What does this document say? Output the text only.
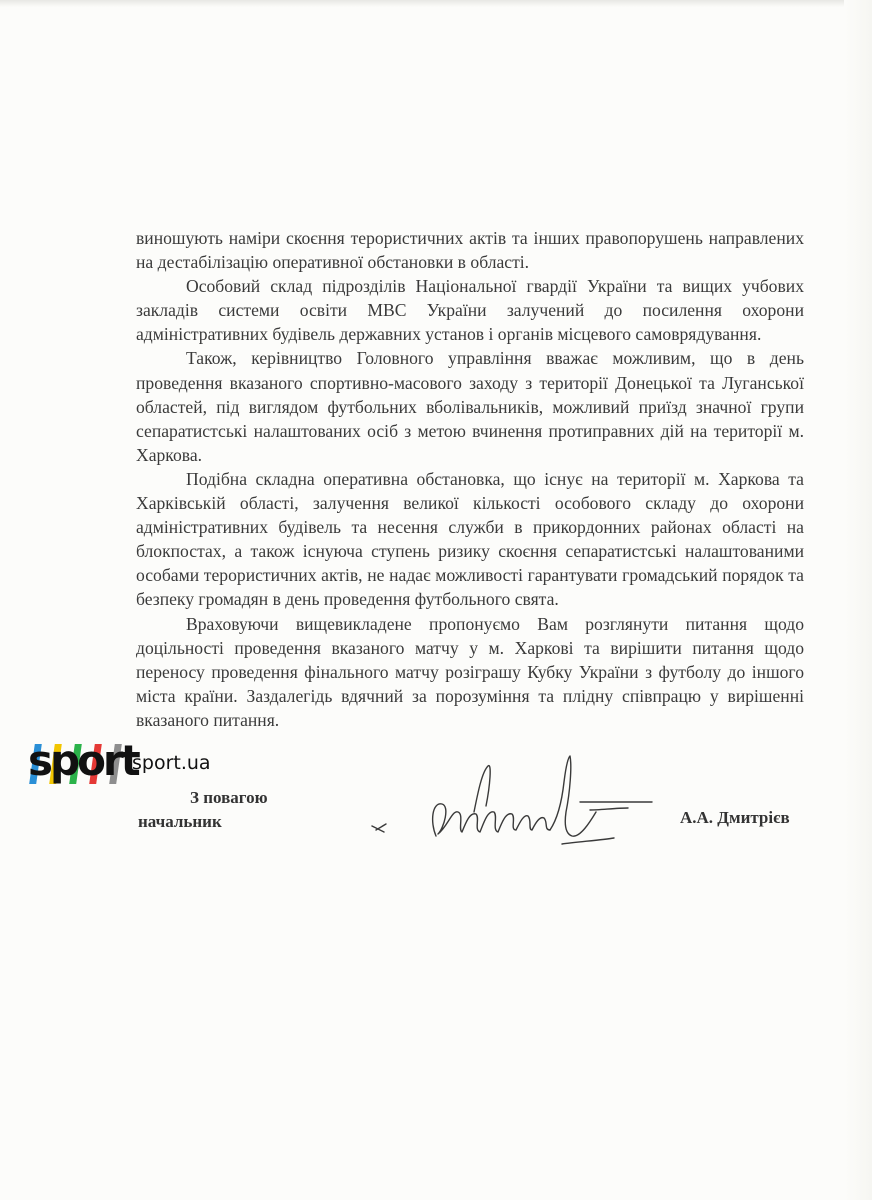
виношують наміри скоєння терористичних актів та інших правопорушень направлених на дестабілізацію оперативної обстановки в області.

Особовий склад підрозділів Національної гвардії України та вищих учбових закладів системи освіти МВС України залучений до посилення охорони адміністративних будівель державних установ і органів місцевого самоврядування.

Також, керівництво Головного управління вважає можливим, що в день проведення вказаного спортивно-масового заходу з території Донецької та Луганської областей, під виглядом футбольних вболівальників, можливий приїзд значної групи сепаратистські налаштованих осіб з метою вчинення протиправних дій на території м. Харкова.

Подібна складна оперативна обстановка, що існує на території м. Харкова та Харківській області, залучення великої кількості особового складу до охорони адміністративних будівель та несення служби в прикордонних районах області на блокпостах, а також існуюча ступень ризику скоєння сепаратистські налаштованими особами терористичних актів, не надає можливості гарантувати громадський порядок та безпеку громадян в день проведення футбольного свята.

Враховуючи вищевикладене пропонуємо Вам розглянути питання щодо доцільності проведення вказаного матчу у м. Харкові та вирішити питання щодо переносу проведення фінального матчу розіграшу Кубку України з футболу до іншого міста країни. Заздалегідь вдячний за порозуміння та плідну співпрацю у вирішенні вказаного питання.

sport
sport.ua
З повагою
начальник	А.А. Дмитрієв
